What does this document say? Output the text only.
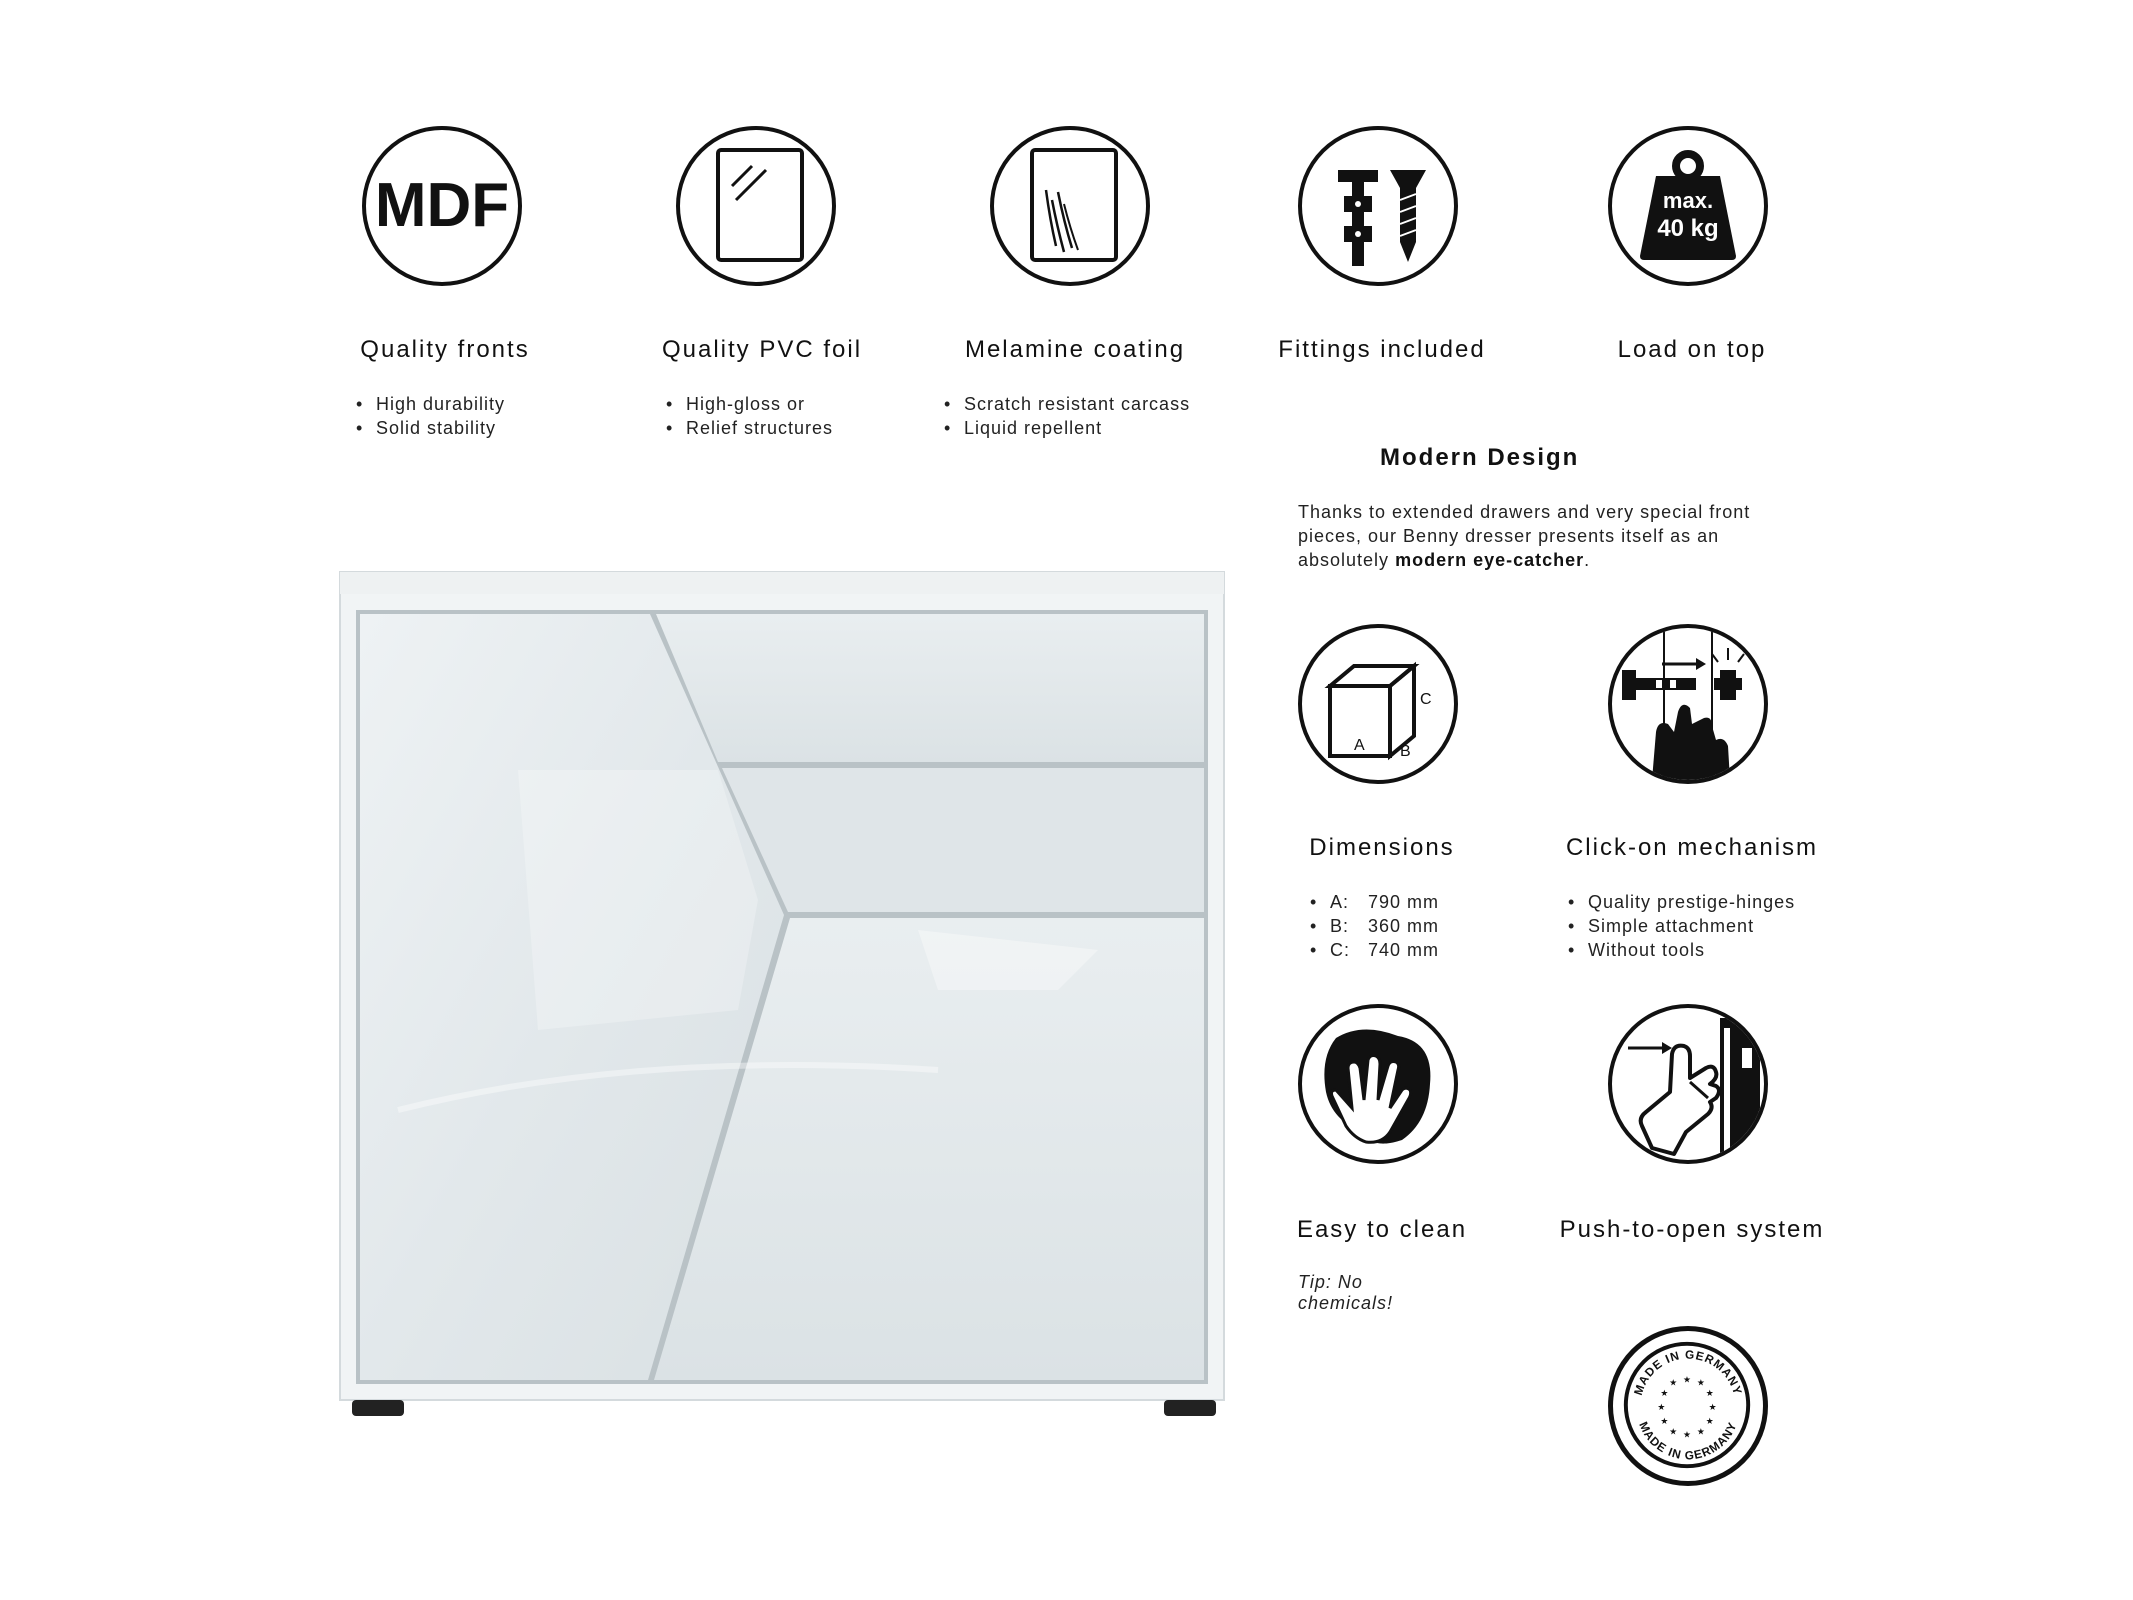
MDF
Quality fronts
• High durability
• Solid stability
Quality PVC foil
• High-gloss or
• Relief structures
Melamine coating
• Scratch resistant carcass
• Liquid repellent
Fittings included
max.
40 kg
Load on top
Modern Design
Thanks to extended drawers and very special front pieces, our Benny dresser presents itself as an absolutely modern eye-catcher.
A B
C
Dimensions
• A: 790 mm
• B: 360 mm
• C: 740 mm
Click-on mechanism
• Quality prestige-hinges
• Simple attachment
• Without tools
Easy to clean
Tip: No chemicals!
Push-to-open system
MADE IN GERMANY
MADE IN GERMANY
★ ★
★
★
★
★
★
★
★
★
★
★
